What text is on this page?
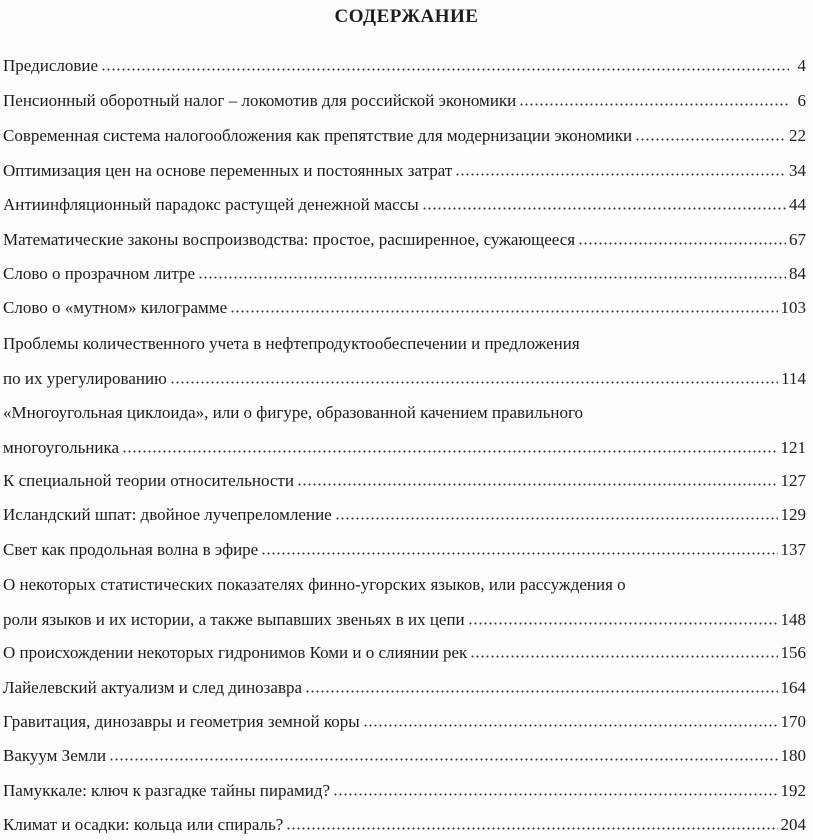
СОДЕРЖАНИЕ
Предисловие	4
Пенсионный оборотный налог – локомотив для российской экономики	6
Современная система налогообложения как препятствие для модернизации экономики	22
Оптимизация цен на основе переменных и постоянных затрат	34
Антиинфляционный парадокс растущей денежной массы	44
Математические законы воспроизводства: простое, расширенное, сужающееся	67
Слово о прозрачном литре	84
Слово о «мутном» килограмме	103
Проблемы количественного учета в нефтепродуктообеспечении и предложения
по их урегулированию	114
«Многоугольная циклоида», или о фигуре, образованной качением правильного
многоугольника	121
К специальной теории относительности	127
Исландский шпат: двойное лучепреломление	129
Свет как продольная волна в эфире	137
О некоторых статистических показателях финно-угорских языков, или рассуждения о
роли языков и их истории, а также выпавших звеньях в их цепи	148
О происхождении некоторых гидронимов Коми и о слиянии рек	156
Лайелевский актуализм и след динозавра	164
Гравитация, динозавры и геометрия земной коры	170
Вакуум Земли	180
Памуккале: ключ к разгадке тайны пирамид?	192
Климат и осадки: кольца или спираль?	204
